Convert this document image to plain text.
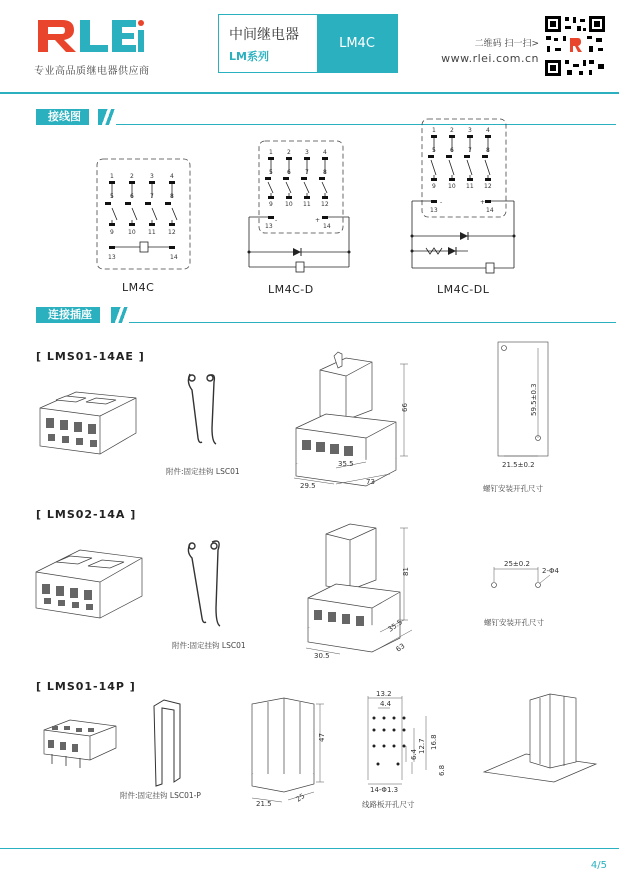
专业高品质继电器供应商
中间继电器
LM系列
LM4C	二维码 扫一扫>
www.rlei.com.cn
接线图
1	2	3	4
5	6	7	8
9 10 11 12
13	14
LM4C
1 2 3 4
5 6 7 8
9 10 11 12
13	14
-	+
LM4C-D
1 2 3 4
5 6 7 8
9 10 11 12
13	14
-	+
LM4C-DL
连接插座
[ LMS01-14AE ]
附件:固定挂钩 LSC01
66
29.5
35.5
73
59.5±0.3
21.5±0.2
螺钉安装开孔尺寸
[ LMS02-14A ]
附件:固定挂钩 LSC01
81
30.5
63
35.5
25±0.2
2-Φ4
螺钉安装开孔尺寸
[ LMS01-14P ]
附件:固定挂钩 LSC01-P
47
21.5
25
13.2
4.4
16.8
12.7
6.4
6.8
14-Φ1.3
线路板开孔尺寸
4/5
